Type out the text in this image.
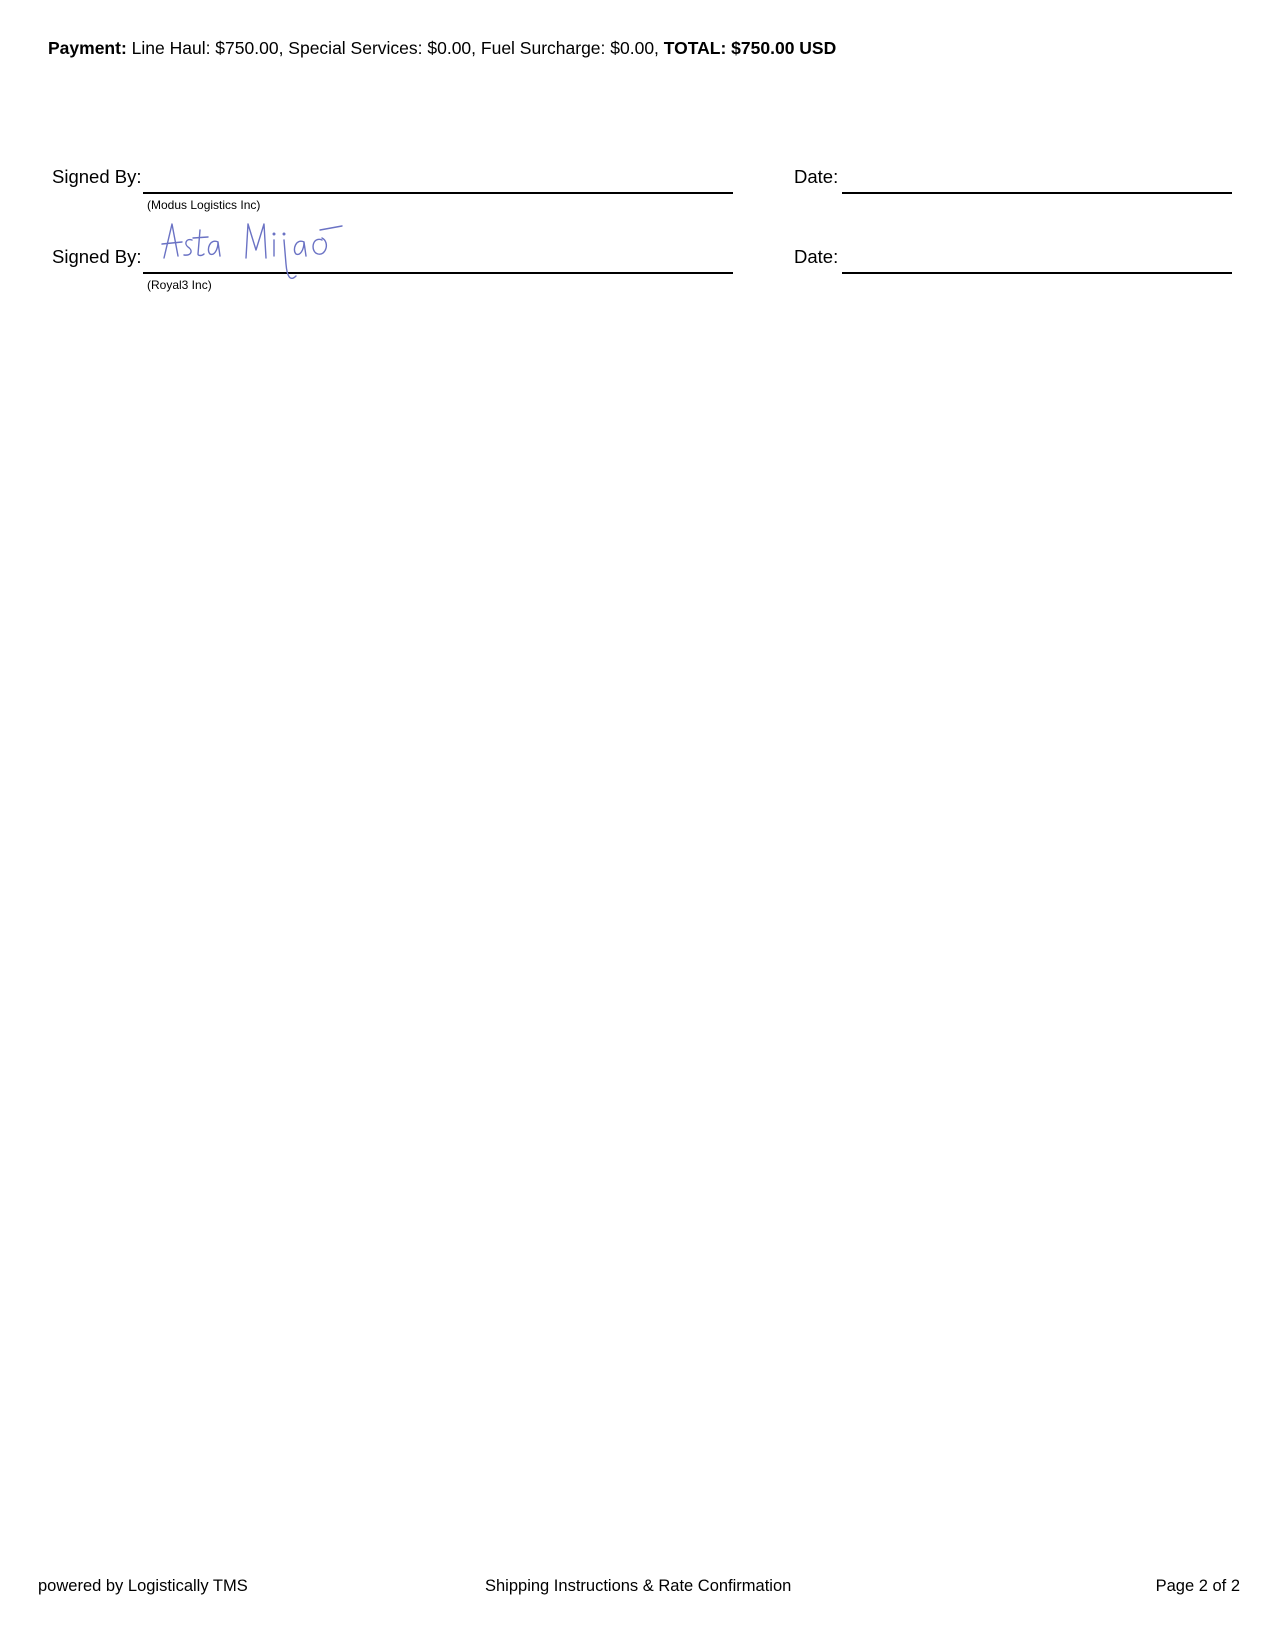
Payment: Line Haul: $750.00, Special Services: $0.00, Fuel Surcharge: $0.00, TOTAL: $750.00 USD
Signed By:
(Modus Logistics Inc)
Date:
Signed By:
(Royal3 Inc)
Date:
powered by Logistically TMS	Shipping Instructions & Rate Confirmation	Page 2 of 2
